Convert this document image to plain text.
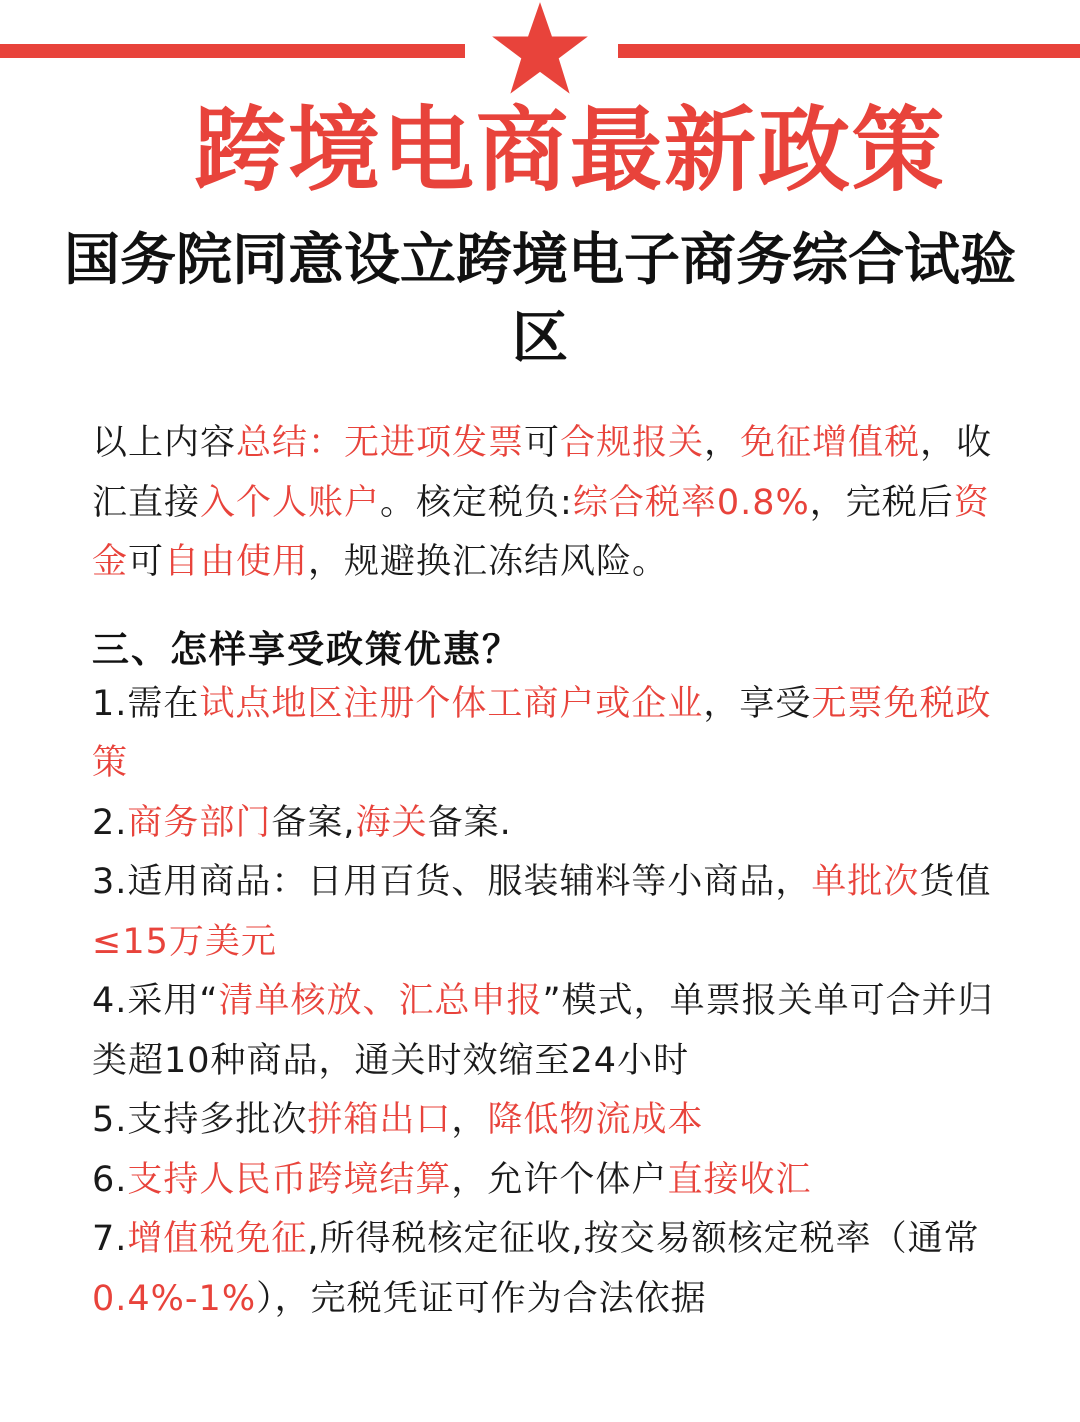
跨境电商最新政策
国务院同意设立跨境电子商务综合试验区

以上内容总结：无进项发票可合规报关，免征增值税，收汇直接入个人账户。核定税负:综合税率0.8%，完税后资金可自由使用，规避换汇冻结风险。

三、怎样享受政策优惠？

1.需在试点地区注册个体工商户或企业，享受无票免税政策

2.商务部门备案,海关备案.

3.适用商品：日用百货、服装辅料等小商品，单批次货值≤15万美元

4.采用“清单核放、汇总申报”模式，单票报关单可合并归类超10种商品，通关时效缩至24小时

5.支持多批次拼箱出口，降低物流成本

6.支持人民币跨境结算，允许个体户直接收汇

7.增值税免征,所得税核定征收,按交易额核定税率（通常0.4%-1%），完税凭证可作为合法依据
